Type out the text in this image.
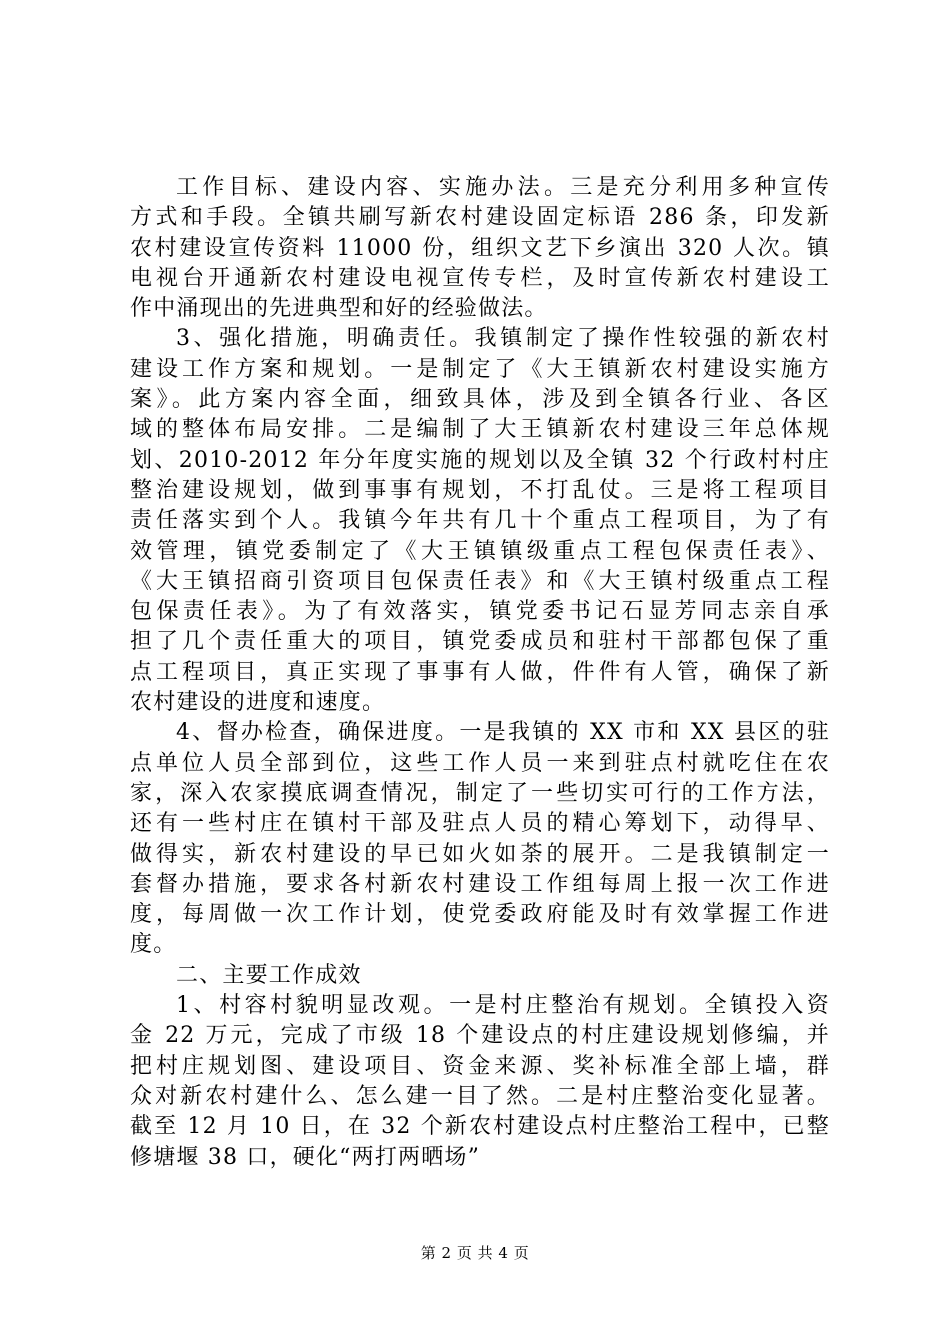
工作目标、建设内容、实施办法。三是充分利用多种宣传
方式和手段。全镇共刷写新农村建设固定标语 286 条，印发新
农村建设宣传资料 11000 份，组织文艺下乡演出 320 人次。镇
电视台开通新农村建设电视宣传专栏，及时宣传新农村建设工
作中涌现出的先进典型和好的经验做法。
3、强化措施，明确责任。我镇制定了操作性较强的新农村
建设工作方案和规划。一是制定了《大王镇新农村建设实施方
案》。此方案内容全面，细致具体，涉及到全镇各行业、各区
域的整体布局安排。二是编制了大王镇新农村建设三年总体规
划、2010-2012 年分年度实施的规划以及全镇 32 个行政村村庄
整治建设规划，做到事事有规划，不打乱仗。三是将工程项目
责任落实到个人。我镇今年共有几十个重点工程项目，为了有
效管理，镇党委制定了《大王镇镇级重点工程包保责任表》、
《大王镇招商引资项目包保责任表》和《大王镇村级重点工程
包保责任表》。为了有效落实，镇党委书记石显芳同志亲自承
担了几个责任重大的项目，镇党委成员和驻村干部都包保了重
点工程项目，真正实现了事事有人做，件件有人管，确保了新
农村建设的进度和速度。
4、督办检查，确保进度。一是我镇的 XX 市和 XX 县区的驻
点单位人员全部到位，这些工作人员一来到驻点村就吃住在农
家，深入农家摸底调查情况，制定了一些切实可行的工作方法，
还有一些村庄在镇村干部及驻点人员的精心筹划下，动得早、
做得实，新农村建设的早已如火如荼的展开。二是我镇制定一
套督办措施，要求各村新农村建设工作组每周上报一次工作进
度，每周做一次工作计划，使党委政府能及时有效掌握工作进
度。
二、主要工作成效
1、村容村貌明显改观。一是村庄整治有规划。全镇投入资
金 22 万元，完成了市级 18 个建设点的村庄建设规划修编，并
把村庄规划图、建设项目、资金来源、奖补标准全部上墙，群
众对新农村建什么、怎么建一目了然。二是村庄整治变化显著。
截至 12 月 10 日，在 32 个新农村建设点村庄整治工程中，已整
修塘堰 38 口，硬化“两打两晒场”
第 2 页 共 4 页
